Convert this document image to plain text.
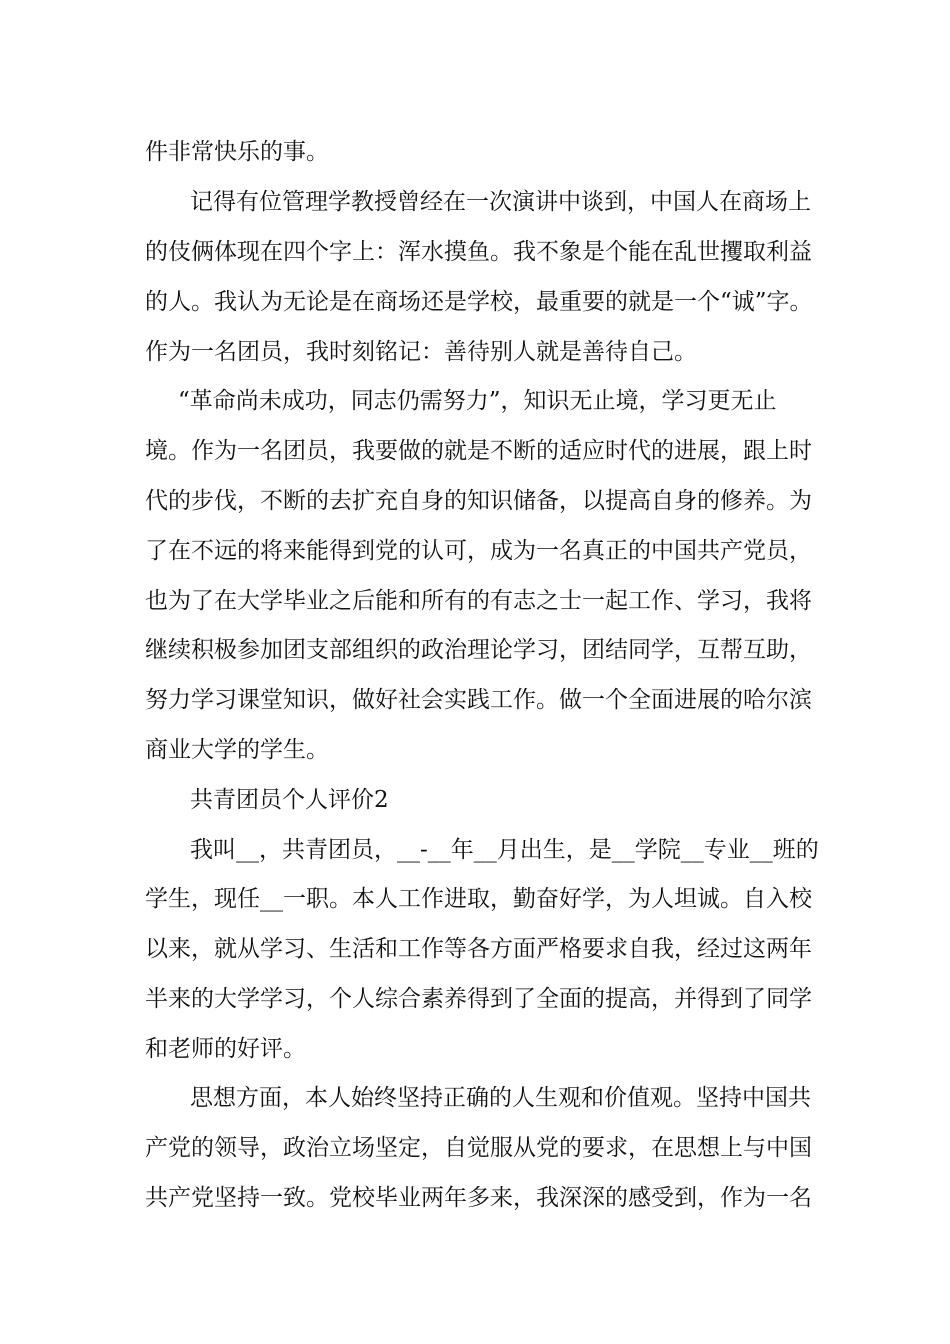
件非常快乐的事。
记得有位管理学教授曾经在一次演讲中谈到，中国人在商场上
的伎俩体现在四个字上：浑水摸鱼。我不象是个能在乱世攫取利益
的人。我认为无论是在商场还是学校，最重要的就是一个“诚”字。
作为一名团员，我时刻铭记：善待别人就是善待自己。
“革命尚未成功，同志仍需努力”，知识无止境，学习更无止
境。作为一名团员，我要做的就是不断的适应时代的进展，跟上时
代的步伐，不断的去扩充自身的知识储备，以提高自身的修养。为
了在不远的将来能得到党的认可，成为一名真正的中国共产党员，
也为了在大学毕业之后能和所有的有志之士一起工作、学习，我将
继续积极参加团支部组织的政治理论学习，团结同学，互帮互助，
努力学习课堂知识，做好社会实践工作。做一个全面进展的哈尔滨
商业大学的学生。
共青团员个人评价2
我叫__，共青团员，__-__年__月出生，是__学院__专业__班的
学生，现任__一职。本人工作进取，勤奋好学，为人坦诚。自入校
以来，就从学习、生活和工作等各方面严格要求自我，经过这两年
半来的大学学习，个人综合素养得到了全面的提高，并得到了同学
和老师的好评。
思想方面，本人始终坚持正确的人生观和价值观。坚持中国共
产党的领导，政治立场坚定，自觉服从党的要求，在思想上与中国
共产党坚持一致。党校毕业两年多来，我深深的感受到，作为一名
